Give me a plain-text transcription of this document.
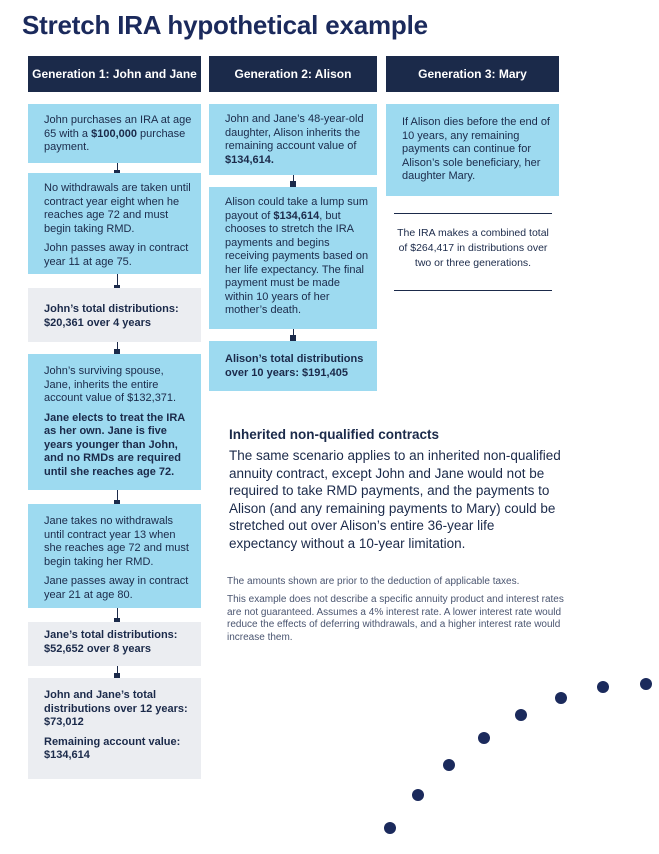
Stretch IRA hypothetical example
Generation 1: John and Jane	Generation 2: Alison	Generation 3: Mary
John purchases an IRA at age 65 with a $100,000 purchase payment.

No withdrawals are taken until contract year eight when he reaches age 72 and must begin taking RMD.

John passes away in contract year 11 at age 75.

John’s total distributions: $20,361 over 4 years

John’s surviving spouse, Jane, inherits the entire account value of $132,371.

Jane elects to treat the IRA as her own. Jane is five years younger than John, and no RMDs are required until she reaches age 72.

Jane takes no withdrawals until contract year 13 when she reaches age 72 and must begin taking her RMD.

Jane passes away in contract year 21 at age 80.

Jane’s total distributions: $52,652 over 8 years

John and Jane’s total distributions over 12 years: $73,012

Remaining account value: $134,614

John and Jane’s 48-year-old daughter, Alison inherits the remaining account value of $134,614.
Alison could take a lump sum payout of $134,614, but chooses to stretch the IRA payments and begins receiving payments based on her life expectancy. The final payment must be made within 10 years of her mother’s death.
Alison’s total distributions over 10 years: $191,405
If Alison dies before the end of 10 years, any remaining payments can continue for Alison’s sole beneficiary, her daughter Mary.
The IRA makes a combined total of $264,417 in distributions over two or three generations.
Inherited non-qualified contracts
The same scenario applies to an inherited non-qualified annuity contract, except John and Jane would not be required to take RMD payments, and the payments to Alison (and any remaining payments to Mary) could be stretched out over Alison’s entire 36-year life expectancy without a 10-year limitation.
The amounts shown are prior to the deduction of applicable taxes.
This example does not describe a specific annuity product and interest rates are not guaranteed. Assumes a 4% interest rate. A lower interest rate would reduce the effects of deferring withdrawals, and a higher interest rate would increase them.
